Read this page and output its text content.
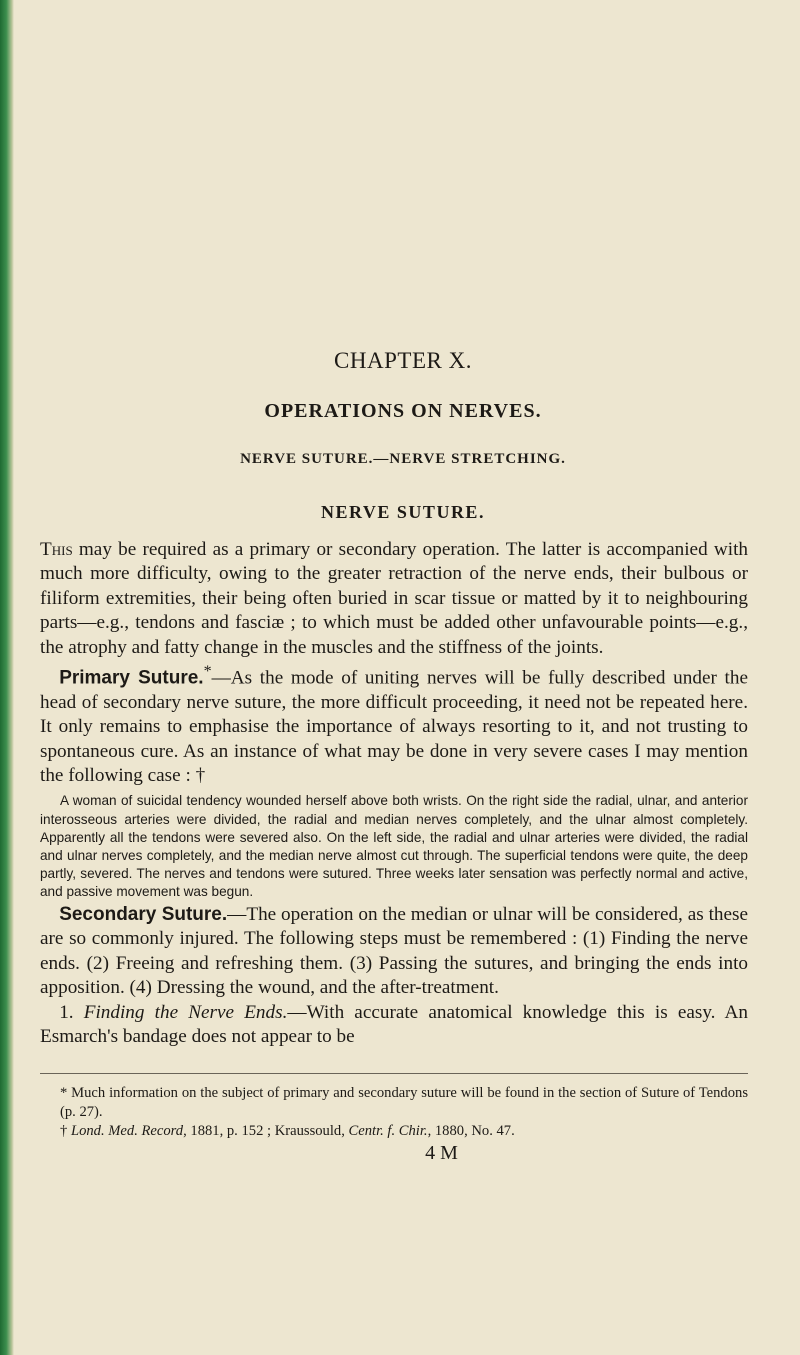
CHAPTER X.
OPERATIONS ON NERVES.
NERVE SUTURE.—NERVE STRETCHING.
NERVE SUTURE.

This may be required as a primary or secondary operation. The latter is accompanied with much more difficulty, owing to the greater retraction of the nerve ends, their bulbous or filiform extremities, their being often buried in scar tissue or matted by it to neighbouring parts—e.g., tendons and fasciæ ; to which must be added other unfavourable points—e.g., the atrophy and fatty change in the muscles and the stiffness of the joints.

 Primary Suture.*—As the mode of uniting nerves will be fully described under the head of secondary nerve suture, the more difficult proceeding, it need not be repeated here. It only remains to emphasise the importance of always resorting to it, and not trusting to spontaneous cure. As an instance of what may be done in very severe cases I may mention the following case : †

A woman of suicidal tendency wounded herself above both wrists. On the right side the radial, ulnar, and anterior interosseous arteries were divided, the radial and median nerves completely, and the ulnar almost completely. Apparently all the tendons were severed also. On the left side, the radial and ulnar arteries were divided, the radial and ulnar nerves completely, and the median nerve almost cut through. The superficial tendons were quite, the deep partly, severed. The nerves and tendons were sutured. Three weeks later sensation was perfectly normal and active, and passive movement was begun.

 Secondary Suture.—The operation on the median or ulnar will be considered, as these are so commonly injured. The following steps must be remembered : (1) Finding the nerve ends. (2) Freeing and refreshing them. (3) Passing the sutures, and bringing the ends into apposition. (4) Dressing the wound, and the after-treatment.

 1. Finding the Nerve Ends.—With accurate anatomical knowledge this is easy. An Esmarch's bandage does not appear to be

* Much information on the subject of primary and secondary suture will be found in the section of Suture of Tendons (p. 27).

† Lond. Med. Record, 1881, p. 152 ; Kraussould, Centr. f. Chir., 1880, No. 47.

4 M
